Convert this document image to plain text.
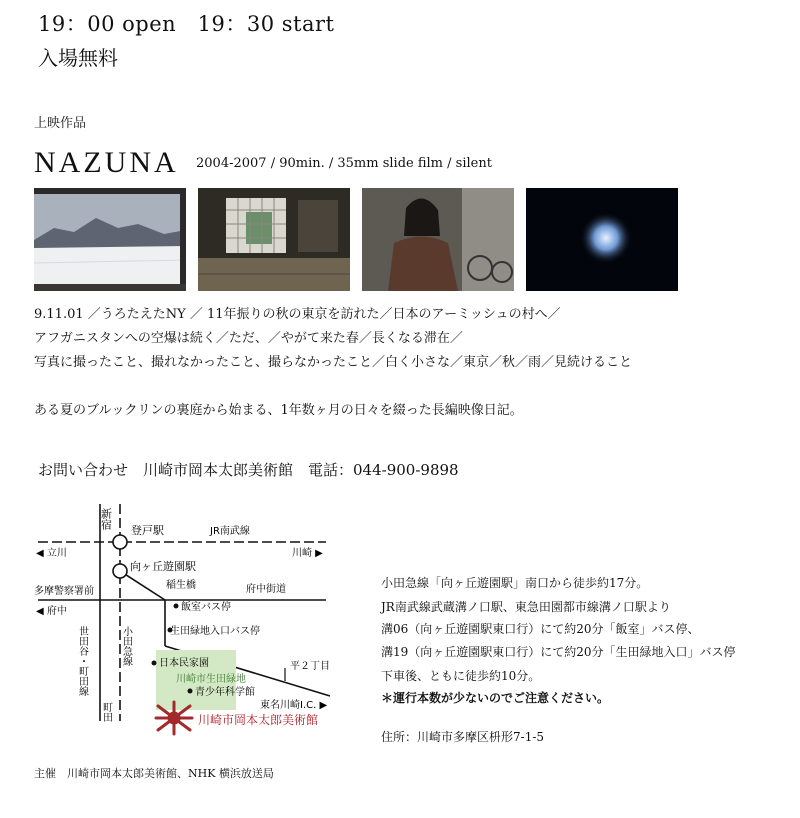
19：00 open　19：30 start
入場無料
上映作品
NAZUNA 2004-2007 / 90min. / 35mm slide film / silent
9.11.01 ／うろたえたNY ／ 11年振りの秋の東京を訪れた／日本のアーミッシュの村へ／
アフガニスタンへの空爆は続く／ただ、／やがて来た春／長くなる滞在／
写真に撮ったこと、撮れなかったこと、撮らなかったこと／白く小さな／東京／秋／雨／見続けること
ある夏のブルックリンの裏庭から始まる、1年数ヶ月の日々を綴った長編映像日記。
お問い合わせ　川崎市岡本太郎美術館　電話：044-900-9898
新宿
登戸駅	JR南武線
◀ 立川	川崎 ▶
向ヶ丘遊園駅
稲生橋	府中街道
多摩警察署前
◀ 府中	飯室バス停
生田緑地入口バス停
世田谷・町田線	小田急線	日本民家園
川崎市生田緑地
青少年科学館
平２丁目
東名川崎I.C. ▶
町田	川崎市岡本太郎美術館
小田急線「向ヶ丘遊園駅」南口から徒歩約17分。
JR南武線武蔵溝ノ口駅、東急田園都市線溝ノ口駅より
溝06（向ヶ丘遊園駅東口行）にて約20分「飯室」バス停、
溝19（向ヶ丘遊園駅東口行）にて約20分「生田緑地入口」バス停
下車後、ともに徒歩約10分。
＊運行本数が少ないのでご注意ください。
住所：川崎市多摩区枡形7-1-5
主催　川崎市岡本太郎美術館、NHK 横浜放送局
